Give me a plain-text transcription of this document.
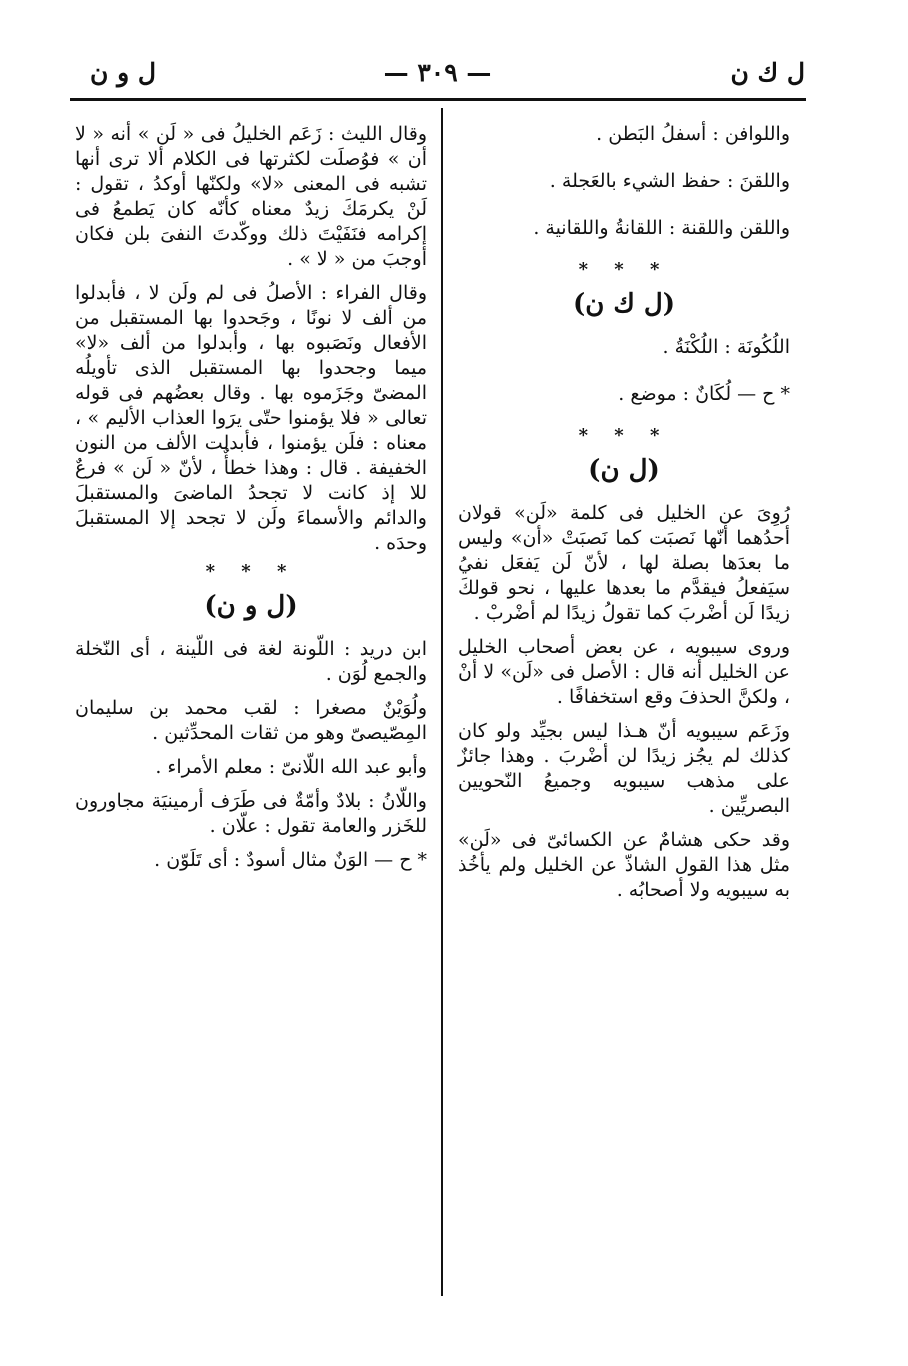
ل ك ن
— ٣٠٩ —
ل و ن

واللوافن : أسفلُ البَطن .

واللقنَ : حفظ الشيء بالعَجلة .

واللقن واللقنة : اللقانةُ واللقانية .

* * *
(ل ك ن)

اللُكُونَة : اللُكْنَةُ .

* ح — لُكَانٌ : موضع .

* * *
(ل ن)

رُوِىَ عن الخليل فى كلمة «لَن» قولان أحدُهما أنّها نَصبَت كما نَصبَتْ «أن» وليس ما بعدَها بصلة لها ، لأنّ لَن يَفعَل نفيُ سيَفعلُ فيقدَّم ما بعدها عليها ، نحو قولكَ زيدًا لَن أضْربَ كما تقولُ زيدًا لم أضْربْ .

وروى سيبويه ، عن بعض أصحاب الخليل عن الخليل أنه قال : الأصل فى «لَن» لا أنْ ، ولكنَّ الحذفَ وقع استخفافًا .

وزَعَم سيبويه أنّ هـذا ليس بجيِّد ولو كان كذلك لم يجُز زيدًا لن أضْربَ . وهذا جائزٌ على مذهب سيبويه وجميعُ النّحويين البصريِّين .

وقد حكى هشامٌ عن الكسائىّ فى «لَن» مثل هذا القول الشاذّ عن الخليل ولم يأخُذ به سيبويه ولا أصحابُه .

وقال الليث : زَعَم الخليلُ فى « لَن » أنه « لا أن » فوُصلَت لكثرتها فى الكلام ألا ترى أنها تشبه فى المعنى «لا» ولكنّها أوكدُ ، تقول : لَنْ يكرمَكَ زيدٌ معناه كأنّه كان يَطمعُ فى إكرامه فنَفَيْتَ ذلك ووكّدتَ النفىَ بلن فكان أوجبَ من « لا » .

وقال الفراء : الأصلُ فى لم ولَن لا ، فأبدلوا من ألف لا نونًا ، وجَحدوا بها المستقبل من الأفعال ونَصَبوه بها ، وأبدلوا من ألف «لا» ميما وجحدوا بها المستقبل الذى تأويلُه المضىّ وجَزَموه بها . وقال بعضُهم فى قوله تعالى « فلا يؤمنوا حتّى يرَوا العذاب الأليم » ، معناه : فلَن يؤمنوا ، فأبدلت الألف من النون الخفيفة . قال : وهذا خطأٌ ، لأنّ « لَن » فرعٌ للا إذ كانت لا تجحدُ الماضىَ والمستقبلَ والدائم والأسماءَ ولَن لا تجحد إلا المستقبلَ وحدَه .

* * *
(ل و ن)

ابن دريد : اللّونة لغة فى اللّينة ، أى النّخلة والجمع لُوَن .

ولُوَيْنٌ مصغرا : لقب محمد بن سليمان المِصّيصىّ وهو من ثقات المحدِّثين .

وأبو عبد الله اللّانىّ : معلم الأمراء .

واللّانُ : بلادٌ وأمّةٌ فى طَرَف أرمينيَة مجاورون للخَزر والعامة تقول : علّان .

* ح — الوَنٌ مثال أسودٌ : أى تَلَوّن .
